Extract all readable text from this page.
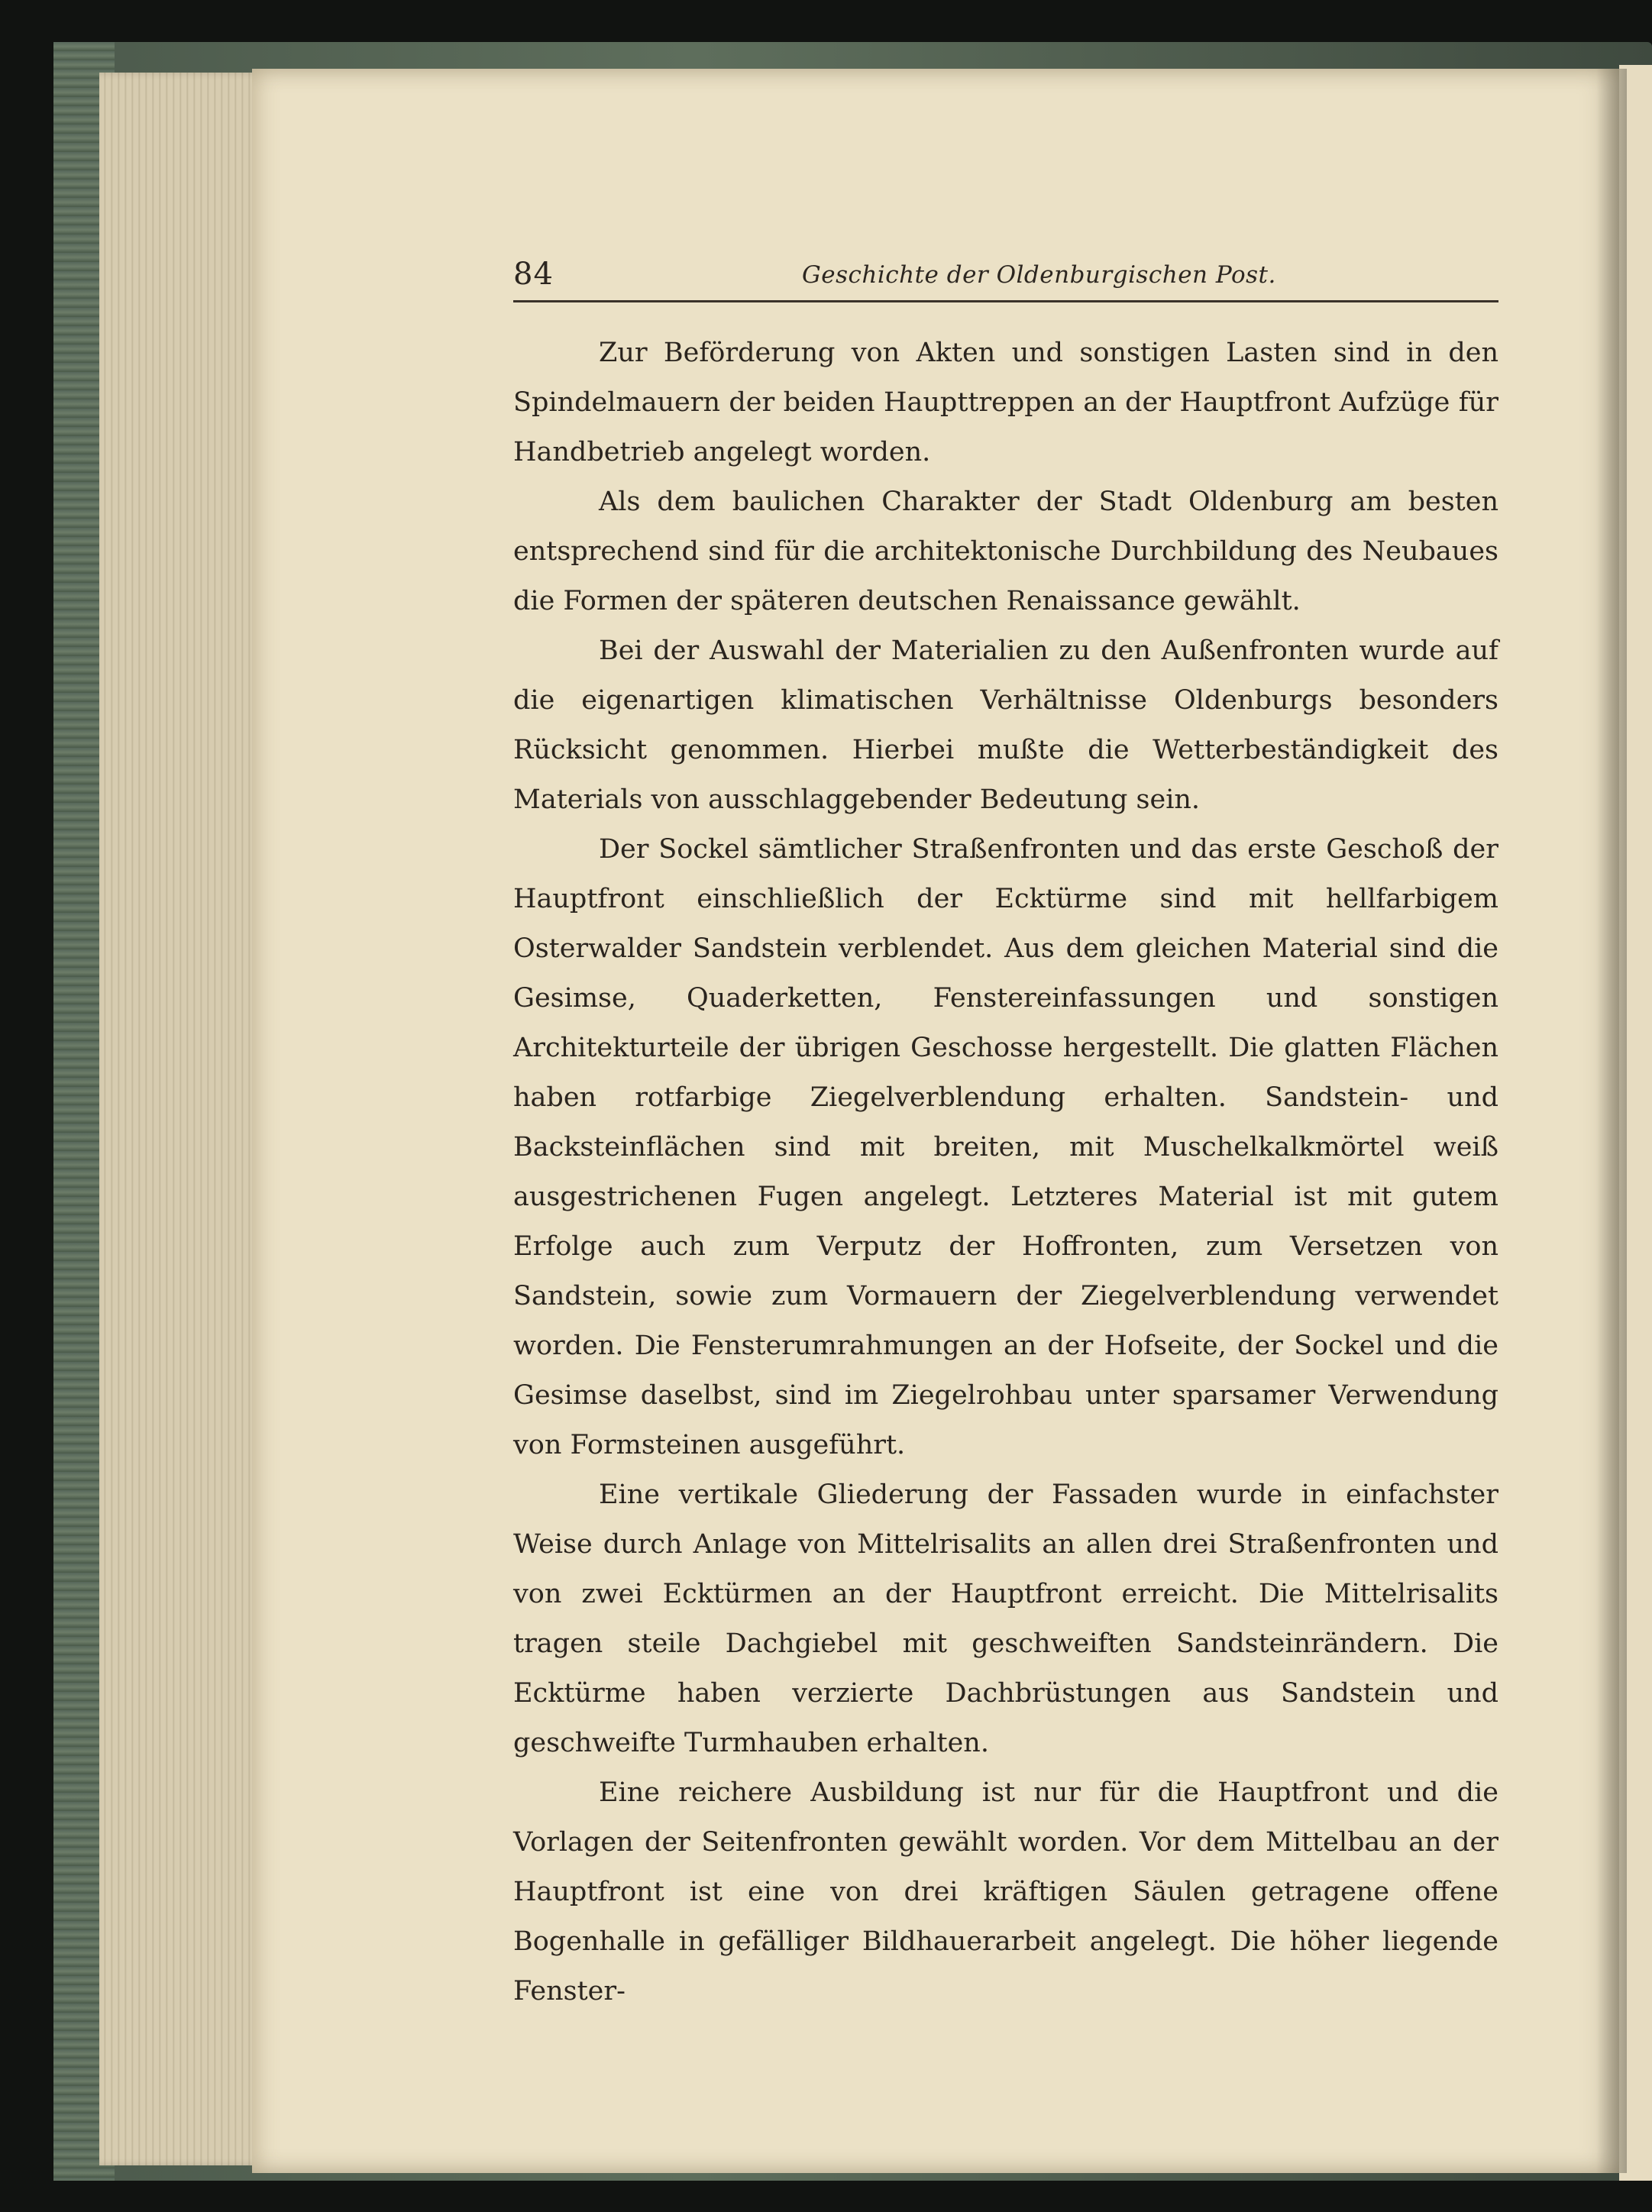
84	Geschichte der Oldenburgischen Post.

Zur Beförderung von Akten und sonstigen Lasten sind in den Spindelmauern der beiden Haupttreppen an der Hauptfront Aufzüge für Handbetrieb angelegt worden.

Als dem baulichen Charakter der Stadt Oldenburg am besten entsprechend sind für die architektonische Durchbildung des Neubaues die Formen der späteren deutschen Renaissance gewählt.

Bei der Auswahl der Materialien zu den Außenfronten wurde auf die eigenartigen klimatischen Verhältnisse Oldenburgs besonders Rücksicht genommen. Hierbei mußte die Wetterbeständigkeit des Materials von ausschlaggebender Bedeutung sein.

Der Sockel sämtlicher Straßenfronten und das erste Geschoß der Hauptfront einschließlich der Ecktürme sind mit hellfarbigem Osterwalder Sandstein verblendet. Aus dem gleichen Material sind die Gesimse, Quaderketten, Fenstereinfassungen und sonstigen Architekturteile der übrigen Geschosse hergestellt. Die glatten Flächen haben rotfarbige Ziegelverblendung erhalten. Sandstein- und Backsteinflächen sind mit breiten, mit Muschelkalkmörtel weiß ausgestrichenen Fugen angelegt. Letzteres Material ist mit gutem Erfolge auch zum Verputz der Hoffronten, zum Versetzen von Sandstein, sowie zum Vormauern der Ziegelverblendung verwendet worden. Die Fensterumrahmungen an der Hofseite, der Sockel und die Gesimse daselbst, sind im Ziegelrohbau unter sparsamer Verwendung von Formsteinen ausgeführt.

Eine vertikale Gliederung der Fassaden wurde in einfachster Weise durch Anlage von Mittelrisalits an allen drei Straßenfronten und von zwei Ecktürmen an der Hauptfront erreicht. Die Mittelrisalits tragen steile Dachgiebel mit geschweiften Sandsteinrändern. Die Ecktürme haben verzierte Dachbrüstungen aus Sandstein und geschweifte Turmhauben erhalten.

Eine reichere Ausbildung ist nur für die Hauptfront und die Vorlagen der Seitenfronten gewählt worden. Vor dem Mittelbau an der Hauptfront ist eine von drei kräftigen Säulen getragene offene Bogenhalle in gefälliger Bildhauerarbeit angelegt. Die höher liegende Fenster-
